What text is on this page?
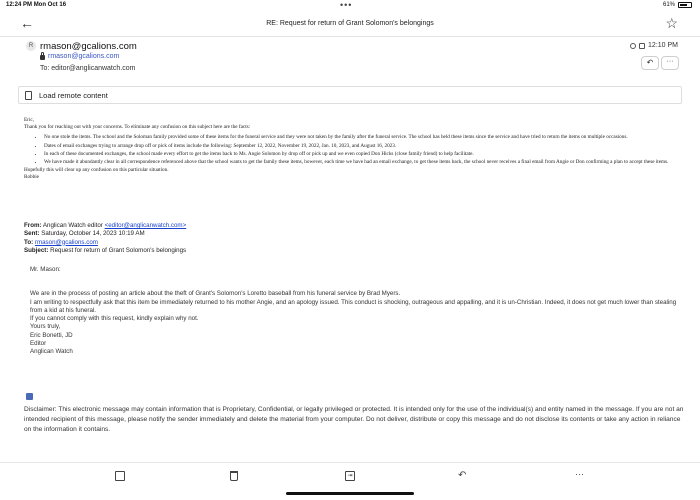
12:24 PM Mon Oct 16	•••	61%
←	RE: Request for return of Grant Solomon's belongings	☆
R rmason@gcalions.com
rmason@gcalions.com
To: editor@anglicanwatch.com
12:10 PM
↶	···
Load remote content

Eric,

Thank you for reaching out with your concerns. To eliminate any confusion on this subject here are the facts:

• No one stole the items. The school and the Soloman family provided some of these items for the funeral service and they were not taken by the family after the funeral service. The school has held these items since the service and have tried to return the items on multiple occasions.
• Dates of email exchanges trying to arrange drop off or pick of items include the following: September 12, 2022, November 19, 2022, Jan. 10, 2023, and August 16, 2023.
• In each of these documented exchanges, the school made every effort to get the items back to Ms. Angie Solomon by drop off or pick up and we even copied Don Hicks (close family friend) to help facilitate.
• We have made it abundantly clear in all correspondence referenced above that the school wants to get the family these items, however, each time we have had an email exchange, to get these items back, the school never receives a final email from Angie or Don confirming a plan to accept these items.

Hopefully this will clear up any confusion on this particular situation.

Robbie

From: Anglican Watch editor <editor@anglicanwatch.com>
Sent: Saturday, October 14, 2023 10:19 AM
To: rmason@gcalions.com
Subject: Request for return of Grant Solomon's belongings
Mr. Mason:
We are in the process of posting an article about the theft of Grant's Solomon's Loretto baseball from his funeral service by Brad Myers.
I am writing to respectfully ask that this item be immediately returned to his mother Angie, and an apology issued. This conduct is shocking, outrageous and appalling, and it is un-Christian. Indeed, it does not get much lower than stealing from a kid at his funeral.
If you cannot comply with this request, kindly explain why not.
Yours truly,
Eric Bonetti, JD
Editor
Anglican Watch
Disclaimer: This electronic message may contain information that is Proprietary, Confidential, or legally privileged or protected. It is intended only for the use of the individual(s) and entity named in the message. If you are not an intended recipient of this message, please notify the sender immediately and delete the material from your computer. Do not deliver, distribute or copy this message and do not disclose its contents or take any action in reliance on the information it contains.
⇥	↶	···
